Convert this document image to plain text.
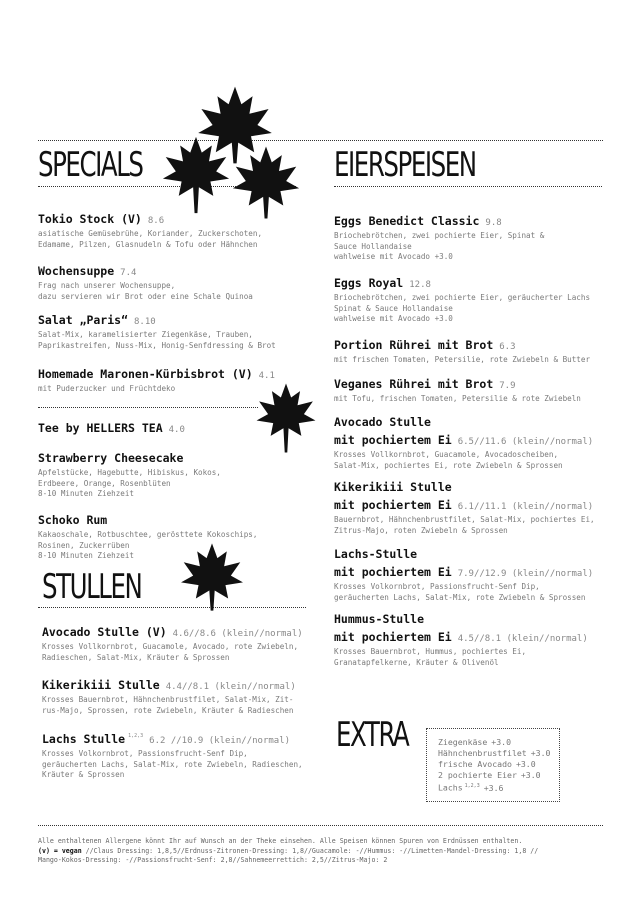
SPECIALS
Tokio Stock (V) 8.6
asiatische Gemüsebrühe, Koriander, Zuckerschoten,
Edamame, Pilzen, Glasnudeln & Tofu oder Hähnchen
Wochensuppe 7.4
Frag nach unserer Wochensuppe,
dazu servieren wir Brot oder eine Schale Quinoa
Salat „Paris“ 8.10
Salat-Mix, karamelisierter Ziegenkäse, Trauben,
Paprikastreifen, Nuss-Mix, Honig-Senfdressing & Brot
Homemade Maronen-Kürbisbrot (V) 4.1
mit Puderzucker und Früchtdeko
Tee by HELLERS TEA 4.0
Strawberry Cheesecake
Apfelstücke, Hagebutte, Hibiskus, Kokos,
Erdbeere, Orange, Rosenblüten
8-10 Minuten Ziehzeit
Schoko Rum
Kakaoschale, Rotbuschtee, gerösttete Kokoschips,
Rosinen, Zuckerrüben
8-10 Minuten Ziehzeit
STULLEN
Avocado Stulle (V) 4.6//8.6 (klein//normal)
Krosses Vollkornbrot, Guacamole, Avocado, rote Zwiebeln,
Radieschen, Salat-Mix, Kräuter & Sprossen
Kikerikiii Stulle 4.4//8.1 (klein//normal)
Krosses Bauernbrot, Hähnchenbrustfilet, Salat-Mix, Zit-
rus-Majo, Sprossen, rote Zwiebeln, Kräuter & Radieschen
Lachs Stulle $^{1,2,3}$6.2 //10.9 (klein//normal)
Krosses Volkornbrot, Passionsfrucht-Senf Dip,
geräucherten Lachs, Salat-Mix, rote Zwiebeln, Radieschen,
Kräuter & Sprossen
EIERSPEISEN
Eggs Benedict Classic 9.8
Briochebrötchen, zwei pochierte Eier, Spinat &
Sauce Hollandaise
wahlweise mit Avocado +3.0
Eggs Royal 12.8
Briochebrötchen, zwei pochierte Eier, geräucherter Lachs
Spinat & Sauce Hollandaise
wahlweise mit Avocado +3.0
Portion Rührei mit Brot 6.3
mit frischen Tomaten, Petersilie, rote Zwiebeln & Butter
Veganes Rührei mit Brot 7.9
mit Tofu, frischen Tomaten, Petersilie & rote Zwiebeln
Avocado Stulle
mit pochiertem Ei 6.5//11.6 (klein//normal)
Krosses Vollkornbrot, Guacamole, Avocadoscheiben,
Salat-Mix, pochiertes Ei, rote Zwiebeln & Sprossen
Kikerikiii Stulle
mit pochiertem Ei 6.1//11.1 (klein//normal)
Bauernbrot, Hähnchenbrustfilet, Salat-Mix, pochiertes Ei,
Zitrus-Majo, roten Zwiebeln & Sprossen
Lachs-Stulle
mit pochiertem Ei 7.9//12.9 (klein//normal)
Krosses Volkornbrot, Passionsfrucht-Senf Dip,
geräucherten Lachs, Salat-Mix, rote Zwiebeln & Sprossen
Hummus-Stulle
mit pochiertem Ei 4.5//8.1 (klein//normal)
Krosses Bauernbrot, Hummus, pochiertes Ei,
Granatapfelkerne, Kräuter & Olivenöl
EXTRA	Ziegenkäse +3.0
Hähnchenbrustfilet +3.0
frische Avocado +3.0
2 pochierte Eier +3.0
Lachs $^{1,2,3}$ +3.6
Alle enthaltenen Allergene könnt Ihr auf Wunsch an der Theke einsehen. Alle Speisen können Spuren von Erdnüssen enthalten.
(v) = vegan //Claus Dressing: 1,8,5//Erdnuss-Zitronen-Dressing: 1,8//Guacamole: -//Hummus: -//Limetten-Mandel-Dressing: 1,8 //
Mango-Kokos-Dressing: -//Passionsfrucht-Senf: 2,8//Sahnemeerrettich: 2,5//Zitrus-Majo: 2
